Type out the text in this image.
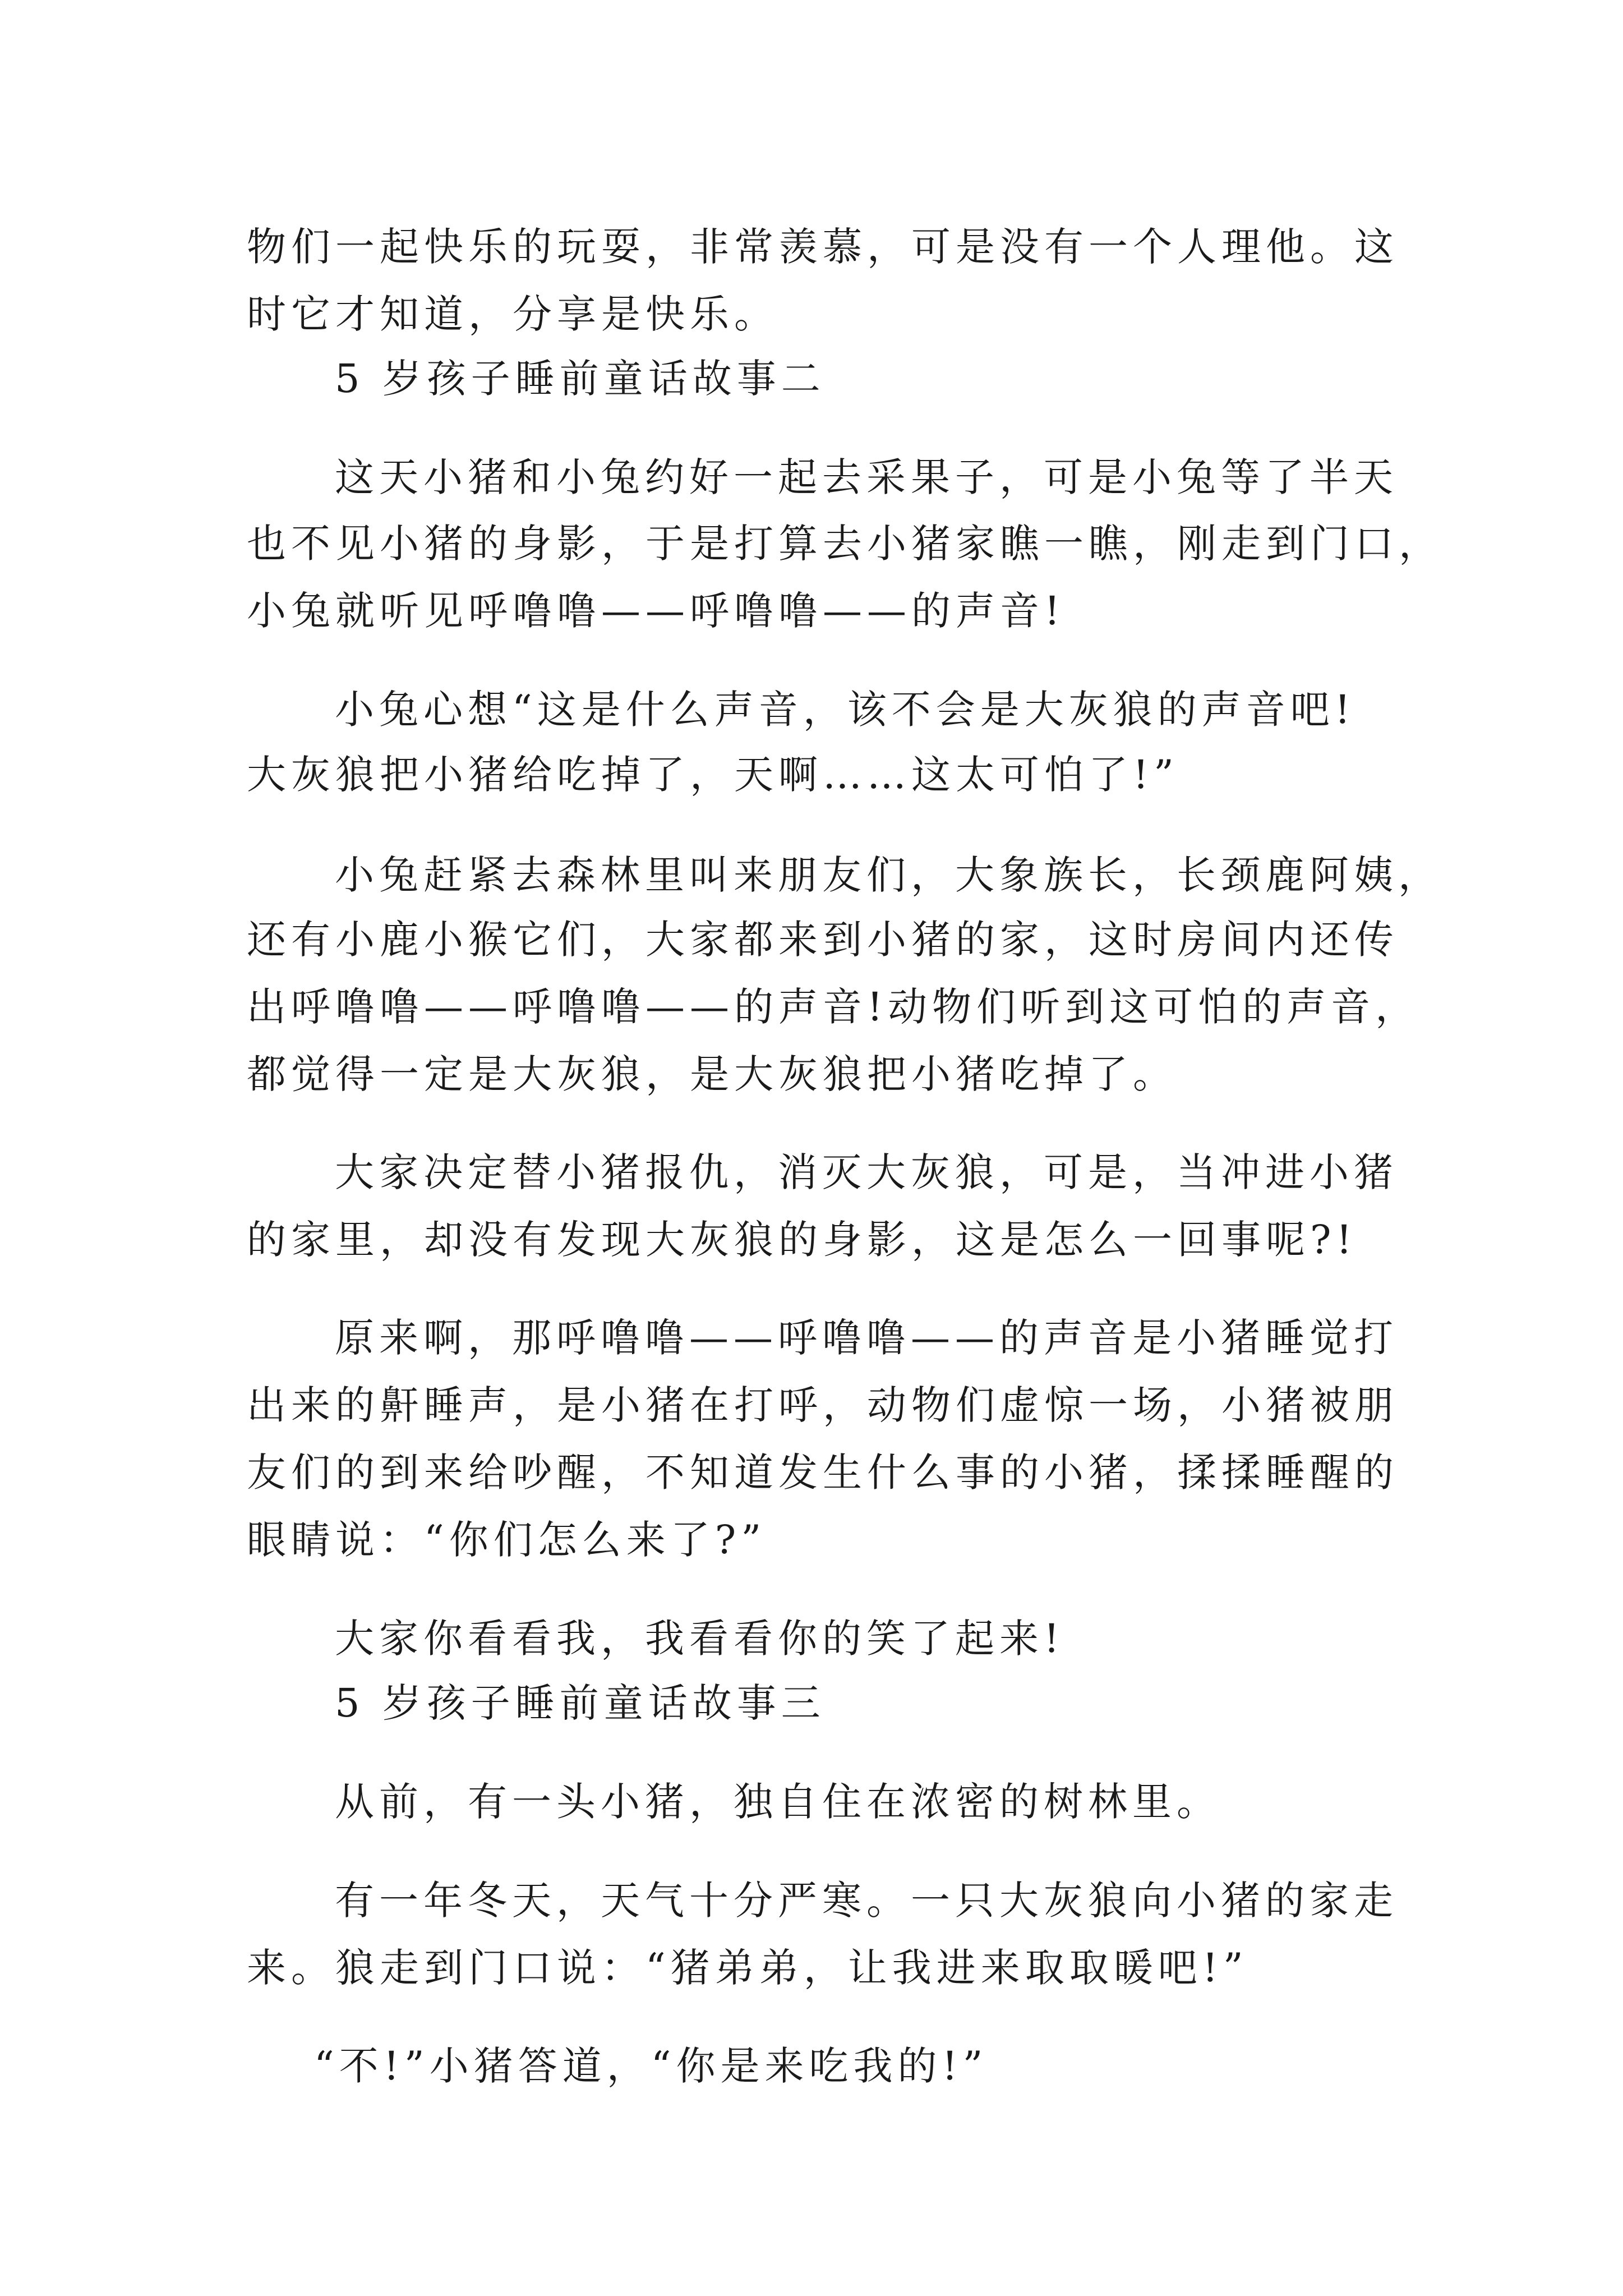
物们一起快乐的玩耍，非常羡慕，可是没有一个人理他。这
时它才知道，分享是快乐。
5 岁孩子睡前童话故事二
这天小猪和小兔约好一起去采果子，可是小兔等了半天
也不见小猪的身影，于是打算去小猪家瞧一瞧，刚走到门口，
小兔就听见呼噜噜——呼噜噜——的声音!
小兔心想“这是什么声音，该不会是大灰狼的声音吧!
大灰狼把小猪给吃掉了，天啊……这太可怕了!”
小兔赶紧去森林里叫来朋友们，大象族长，长颈鹿阿姨，
还有小鹿小猴它们，大家都来到小猪的家，这时房间内还传
出呼噜噜——呼噜噜——的声音!动物们听到这可怕的声音，
都觉得一定是大灰狼，是大灰狼把小猪吃掉了。
大家决定替小猪报仇，消灭大灰狼，可是，当冲进小猪
的家里，却没有发现大灰狼的身影，这是怎么一回事呢?!
原来啊，那呼噜噜——呼噜噜——的声音是小猪睡觉打
出来的鼾睡声，是小猪在打呼，动物们虚惊一场，小猪被朋
友们的到来给吵醒，不知道发生什么事的小猪，揉揉睡醒的
眼睛说：“你们怎么来了?”
大家你看看我，我看看你的笑了起来!
5 岁孩子睡前童话故事三
从前，有一头小猪，独自住在浓密的树林里。
有一年冬天，天气十分严寒。一只大灰狼向小猪的家走
来。狼走到门口说：“猪弟弟，让我进来取取暖吧!”
“不!”小猪答道，“你是来吃我的!”
